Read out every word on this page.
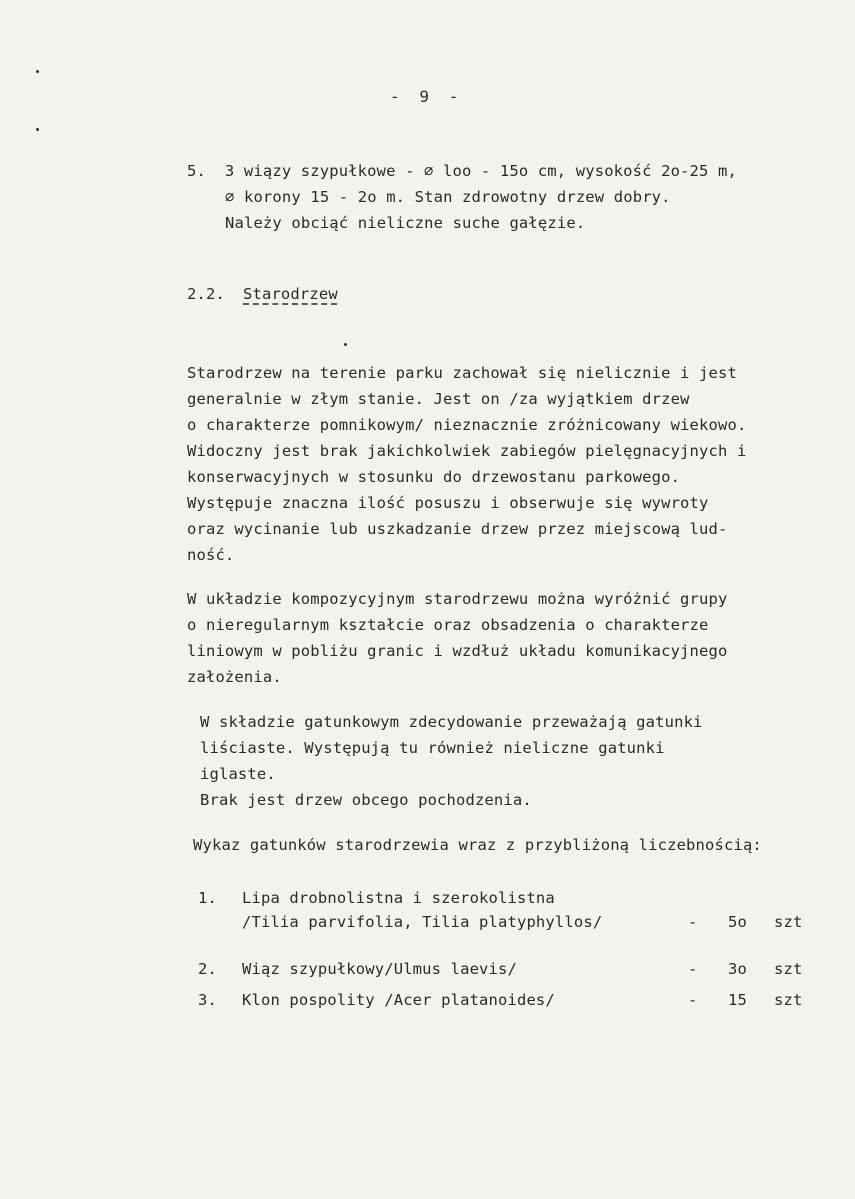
-  9  -
5.  3 wiązy szypułkowe - ∅ loo - 15o cm, wysokość 2o-25 m,
∅ korony 15 - 2o m. Stan zdrowotny drzew dobry.
Należy obciąć nieliczne suche gałęzie.
2.2. Starodrzew
Starodrzew na terenie parku zachował się nielicznie i jest
generalnie w złym stanie. Jest on /za wyjątkiem drzew
o charakterze pomnikowym/ nieznacznie zróżnicowany wiekowo.
Widoczny jest brak jakichkolwiek zabiegów pielęgnacyjnych i
konserwacyjnych w stosunku do drzewostanu parkowego.
Występuje znaczna ilość posuszu i obserwuje się wywroty
oraz wycinanie lub uszkadzanie drzew przez miejscową lud-
ność.
W układzie kompozycyjnym starodrzewu można wyróżnić grupy
o nieregularnym kształcie oraz obsadzenia o charakterze
liniowym w pobliżu granic i wzdłuż układu komunikacyjnego
założenia.
W składzie gatunkowym zdecydowanie przeważają gatunki
liściaste. Występują tu również nieliczne gatunki
iglaste.
Brak jest drzew obcego pochodzenia.
Wykaz gatunków starodrzewia wraz z przybliżoną liczebnością:
1. Lipa drobnolistna i szerokolistna
/Tilia parvifolia, Tilia platyphyllos/	- 5o szt
2. Wiąz szypułkowy/Ulmus laevis/	- 3o szt
3. Klon pospolity /Acer platanoides/	- 15 szt
